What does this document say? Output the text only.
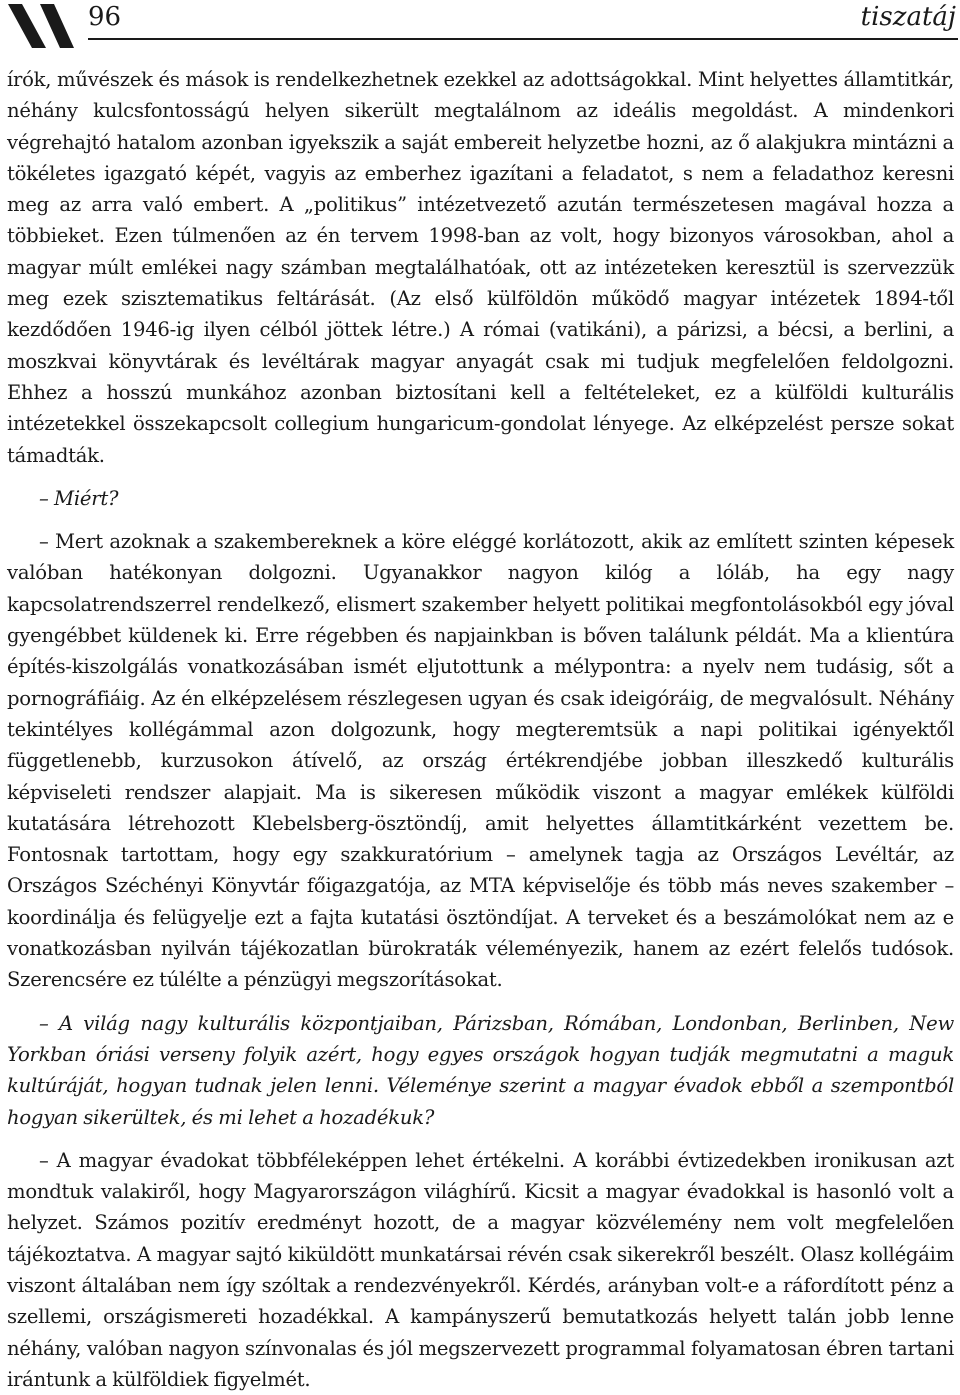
96	tiszatáj

írók, művészek és mások is rendelkezhetnek ezekkel az adottságokkal. Mint helyettes államtitkár, néhány kulcsfontosságú helyen sikerült megtalálnom az ideális megoldást. A mindenkori végrehajtó hatalom azonban igyekszik a saját embereit helyzetbe hozni, az ő alakjukra mintázni a tökéletes igazgató képét, vagyis az emberhez igazítani a feladatot, s nem a feladathoz keresni meg az arra való embert. A „politikus” intézetvezető azután természetesen magával hozza a többieket. Ezen túlmenően az én tervem 1998-ban az volt, hogy bizonyos városokban, ahol a magyar múlt emlékei nagy számban megtalálhatóak, ott az intézeteken keresztül is szervezzük meg ezek szisztematikus feltárását. (Az első külföldön működő magyar intézetek 1894-től kezdődően 1946-ig ilyen célból jöttek létre.) A római (vatikáni), a párizsi, a bécsi, a berlini, a moszkvai könyvtárak és levéltárak magyar anyagát csak mi tudjuk megfelelően feldolgozni. Ehhez a hosszú munkához azonban biztosítani kell a feltételeket, ez a külföldi kulturális intézetekkel összekapcsolt collegium hungaricum-gondolat lényege. Az elképzelést persze sokat támadták.

– Miért?

– Mert azoknak a szakembereknek a köre eléggé korlátozott, akik az említett szinten képesek valóban hatékonyan dolgozni. Ugyanakkor nagyon kilóg a lóláb, ha egy nagy kapcsolatrendszerrel rendelkező, elismert szakember helyett politikai megfontolásokból egy jóval gyengébbet küldenek ki. Erre régebben és napjainkban is bőven találunk példát. Ma a klientúra építés-kiszolgálás vonatkozásában ismét eljutottunk a mélypontra: a nyelv nem tudásig, sőt a pornográfiáig. Az én elképzelésem részlegesen ugyan és csak ideigóráig, de megvalósult. Néhány tekintélyes kollégámmal azon dolgozunk, hogy megteremtsük a napi politikai igényektől függetlenebb, kurzusokon átívelő, az ország értékrendjébe jobban illeszkedő kulturális képviseleti rendszer alapjait. Ma is sikeresen működik viszont a magyar emlékek külföldi kutatására létrehozott Klebelsberg-ösztöndíj, amit helyettes államtitkárként vezettem be. Fontosnak tartottam, hogy egy szakkuratórium – amelynek tagja az Országos Levéltár, az Országos Széchényi Könyvtár főigazgatója, az MTA képviselője és több más neves szakember – koordinálja és felügyelje ezt a fajta kutatási ösztöndíjat. A terveket és a beszámolókat nem az e vonatkozásban nyilván tájékozatlan bürokraták véleményezik, hanem az ezért felelős tudósok. Szerencsére ez túlélte a pénzügyi megszorításokat.

– A világ nagy kulturális központjaiban, Párizsban, Rómában, Londonban, Berlinben, New Yorkban óriási verseny folyik azért, hogy egyes országok hogyan tudják megmutatni a maguk kultúráját, hogyan tudnak jelen lenni. Véleménye szerint a magyar évadok ebből a szempontból hogyan sikerültek, és mi lehet a hozadékuk?

– A magyar évadokat többféleképpen lehet értékelni. A korábbi évtizedekben ironikusan azt mondtuk valakiről, hogy Magyarországon világhírű. Kicsit a magyar évadokkal is hasonló volt a helyzet. Számos pozitív eredményt hozott, de a magyar közvélemény nem volt megfelelően tájékoztatva. A magyar sajtó kiküldött munkatársai révén csak sikerekről beszélt. Olasz kollégáim viszont általában nem így szóltak a rendezvényekről. Kérdés, arányban volt-e a ráfordított pénz a szellemi, országismereti hozadékkal. A kampányszerű bemutatkozás helyett talán jobb lenne néhány, valóban nagyon színvonalas és jól megszervezett programmal folyamatosan ébren tartani irántunk a külföldiek figyelmét.
